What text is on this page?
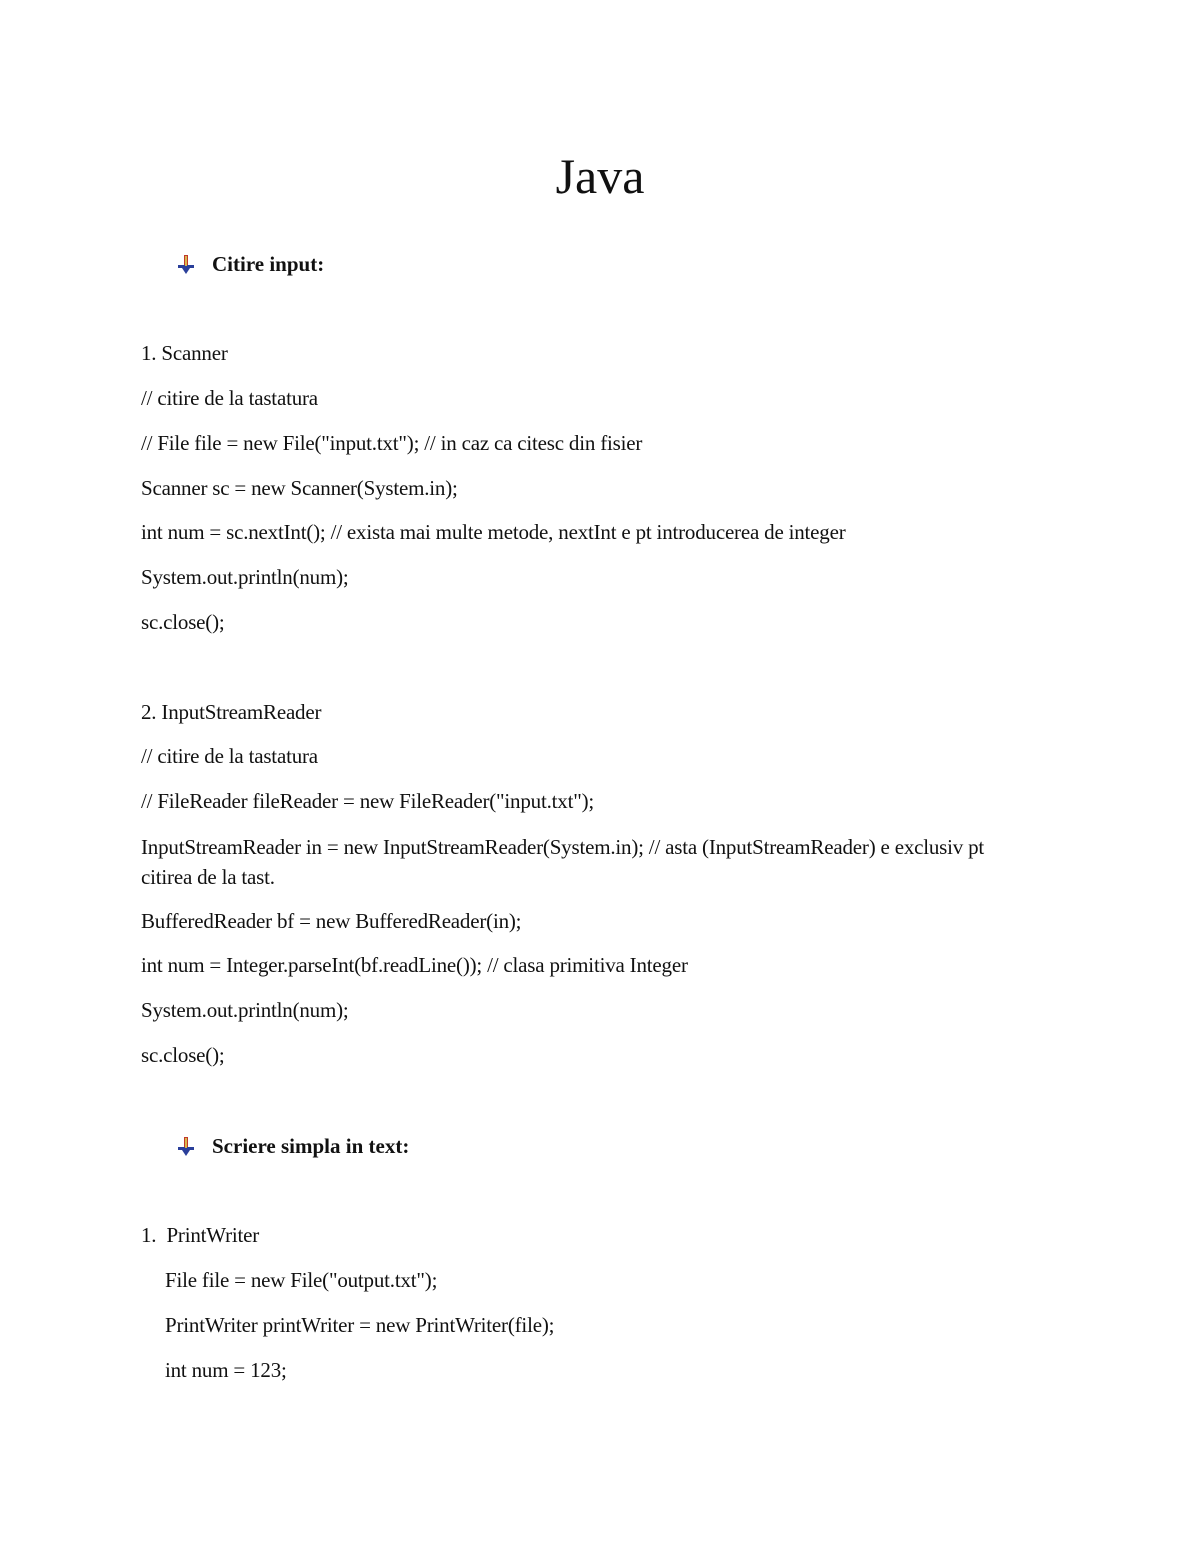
Java
Citire input:
1. Scanner
// citire de la tastatura
// File file = new File("input.txt"); // in caz ca citesc din fisier
Scanner sc = new Scanner(System.in);
int num = sc.nextInt(); // exista mai multe metode, nextInt e pt introducerea de integer
System.out.println(num);
sc.close();
2. InputStreamReader
// citire de la tastatura
// FileReader fileReader = new FileReader("input.txt");
InputStreamReader in = new InputStreamReader(System.in); // asta (InputStreamReader) e exclusiv pt citirea de la tast.
BufferedReader bf = new BufferedReader(in);
int num = Integer.parseInt(bf.readLine()); // clasa primitiva Integer
System.out.println(num);
sc.close();
Scriere simpla in text:
1.  PrintWriter
File file = new File("output.txt");
PrintWriter printWriter = new PrintWriter(file);
int num = 123;
